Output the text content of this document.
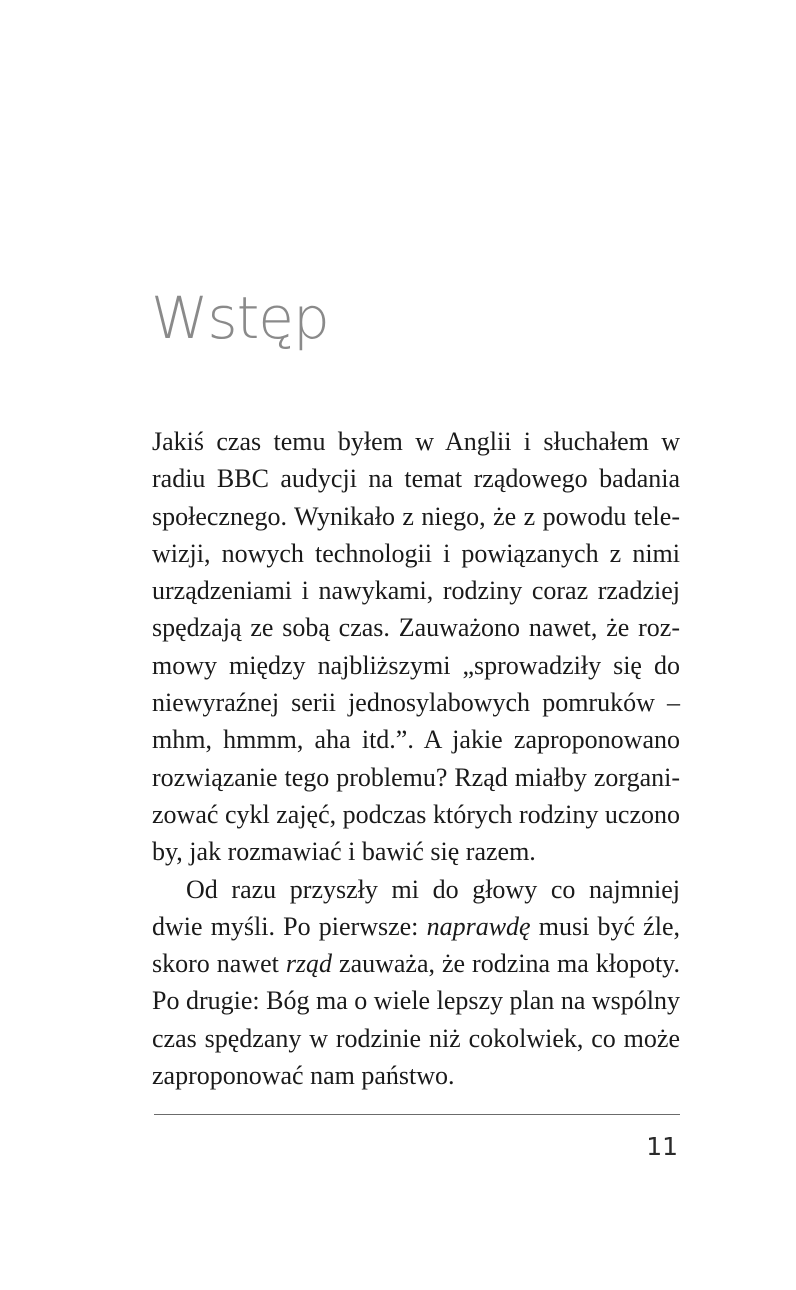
Wstęp

Jakiś czas temu byłem w Anglii i słuchałem w radiu BBC audycji na temat rządowego badania społecznego. Wynikało z niego, że z powodu telewizji, nowych technologii i powiązanych z nimi urządzeniami i nawykami, rodziny coraz rzadziej spędzają ze sobą czas. Zauważono nawet, że rozmowy między najbliższymi „sprowadziły się do niewyraźnej serii jednosylabowych pomruków – mhm, hmmm, aha itd.”. A jakie zaproponowano rozwiązanie tego problemu? Rząd miałby zorganizować cykl zajęć, podczas których rodziny uczono by, jak rozmawiać i bawić się razem.

Od razu przyszły mi do głowy co najmniej dwie myśli. Po pierwsze: naprawdę musi być źle, skoro nawet rząd zauważa, że rodzina ma kłopoty. Po drugie: Bóg ma o wiele lepszy plan na wspólny czas spędzany w rodzinie niż cokolwiek, co może zaproponować nam państwo.

11
